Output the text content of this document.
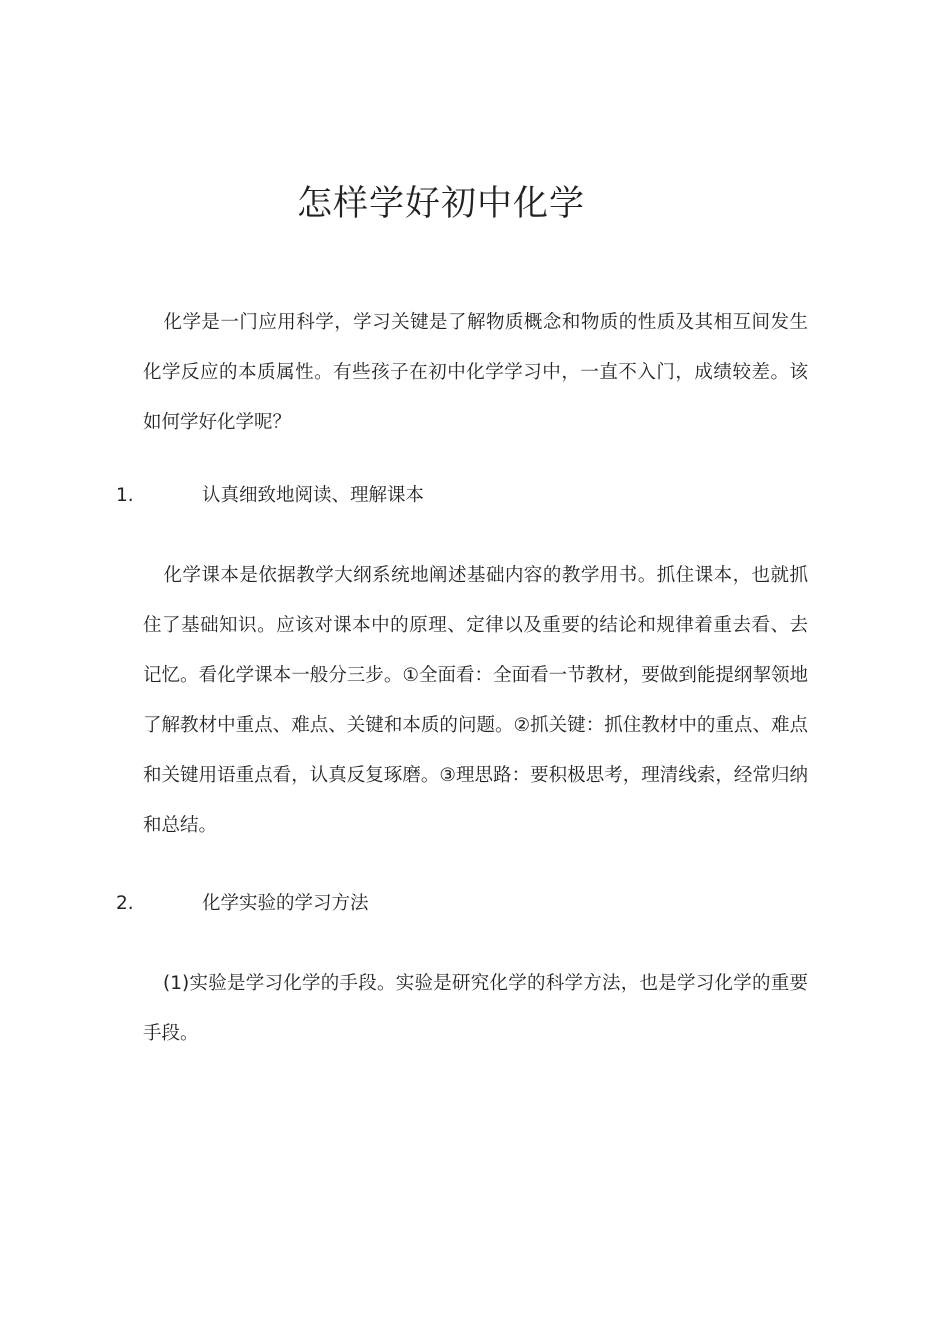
怎样学好初中化学

化学是一门应用科学，学习关键是了解物质概念和物质的性质及其相互间发生化学反应的本质属性。有些孩子在初中化学学习中，一直不入门，成绩较差。该如何学好化学呢？

1.	认真细致地阅读、理解课本

化学课本是依据教学大纲系统地阐述基础内容的教学用书。抓住课本，也就抓住了基础知识。应该对课本中的原理、定律以及重要的结论和规律着重去看、去记忆。看化学课本一般分三步。①全面看：全面看一节教材，要做到能提纲挈领地了解教材中重点、难点、关键和本质的问题。②抓关键：抓住教材中的重点、难点和关键用语重点看，认真反复琢磨。③理思路：要积极思考，理清线索，经常归纳和总结。

2.	化学实验的学习方法

(1)实验是学习化学的手段。实验是研究化学的科学方法，也是学习化学的重要手段。
